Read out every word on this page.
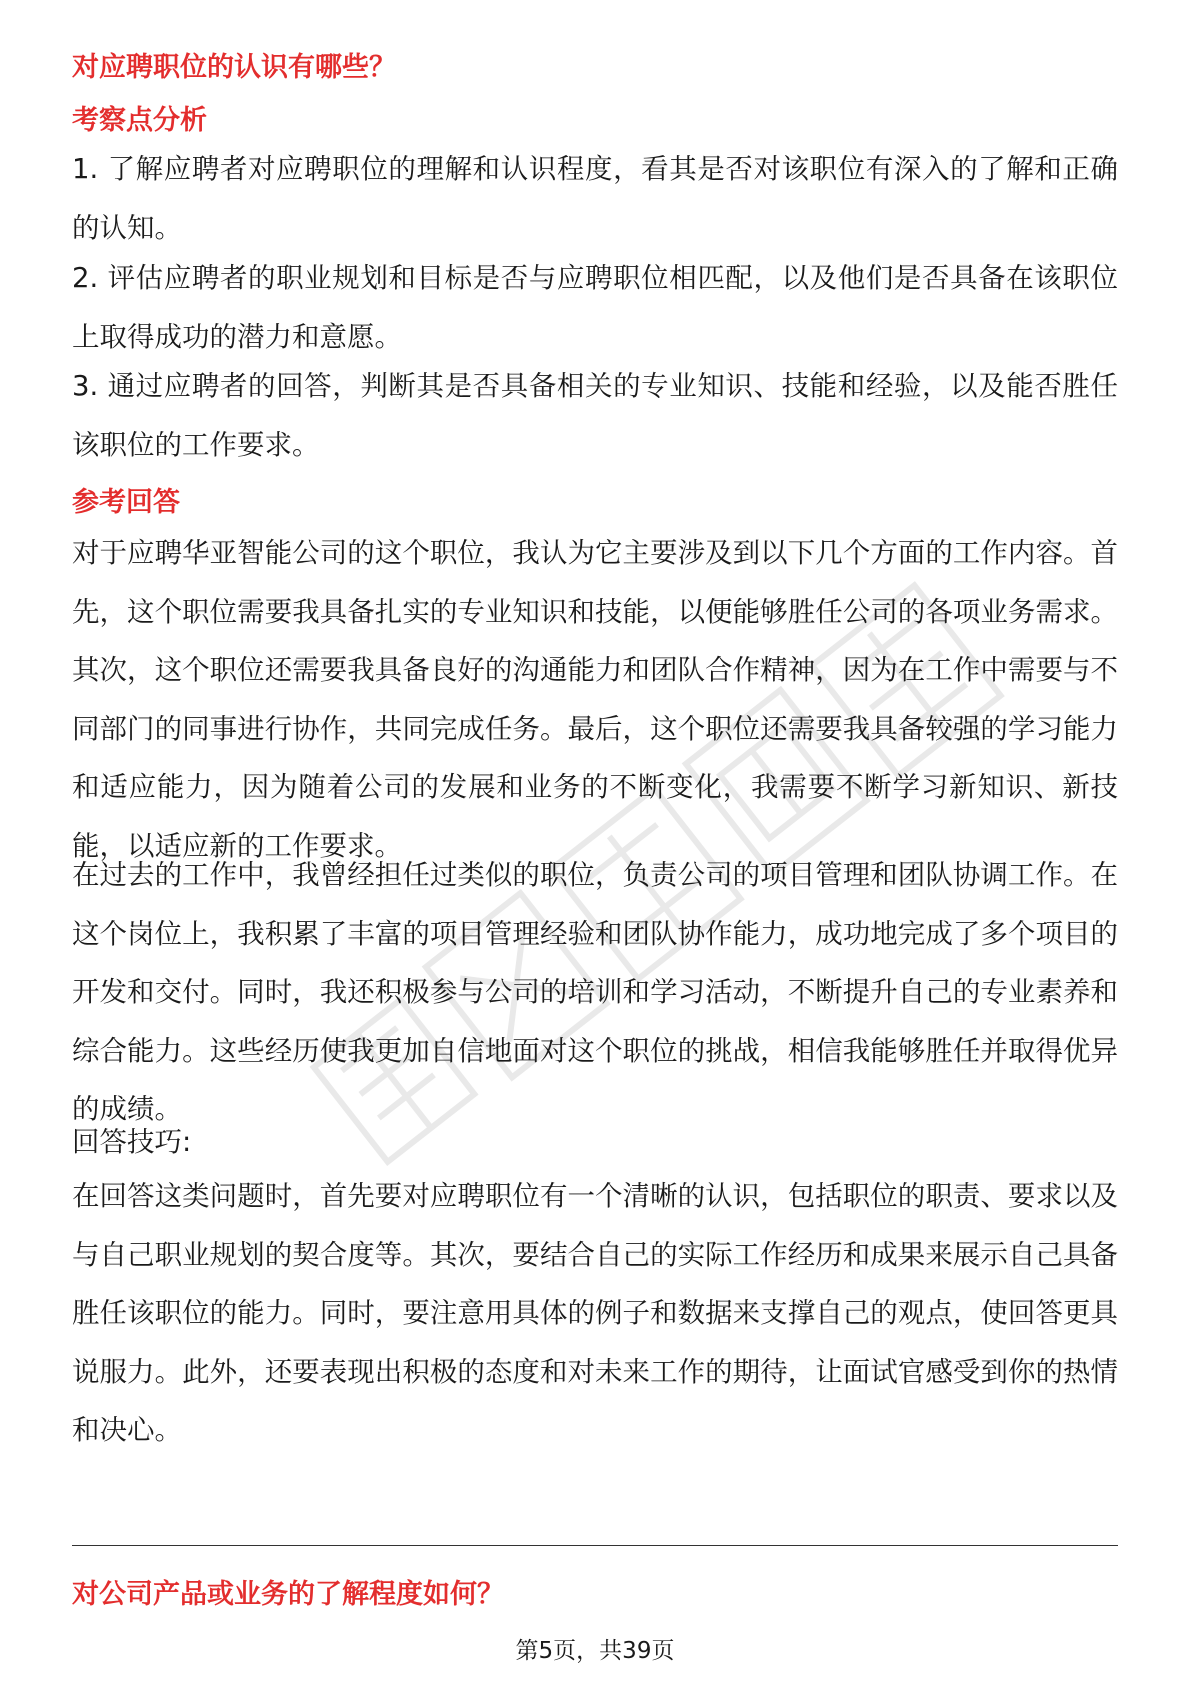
对应聘职位的认识有哪些？
考察点分析

1. 了解应聘者对应聘职位的理解和认识程度，看其是否对该职位有深入的了解和正确的认知。

2. 评估应聘者的职业规划和目标是否与应聘职位相匹配，以及他们是否具备在该职位上取得成功的潜力和意愿。

3. 通过应聘者的回答，判断其是否具备相关的专业知识、技能和经验，以及能否胜任该职位的工作要求。

参考回答

对于应聘华亚智能公司的这个职位，我认为它主要涉及到以下几个方面的工作内容。首先，这个职位需要我具备扎实的专业知识和技能，以便能够胜任公司的各项业务需求。其次，这个职位还需要我具备良好的沟通能力和团队合作精神，因为在工作中需要与不同部门的同事进行协作，共同完成任务。最后，这个职位还需要我具备较强的学习能力和适应能力，因为随着公司的发展和业务的不断变化，我需要不断学习新知识、新技能，以适应新的工作要求。

在过去的工作中，我曾经担任过类似的职位，负责公司的项目管理和团队协调工作。在这个岗位上，我积累了丰富的项目管理经验和团队协作能力，成功地完成了多个项目的开发和交付。同时，我还积极参与公司的培训和学习活动，不断提升自己的专业素养和综合能力。这些经历使我更加自信地面对这个职位的挑战，相信我能够胜任并取得优异的成绩。

回答技巧:

在回答这类问题时，首先要对应聘职位有一个清晰的认识，包括职位的职责、要求以及与自己职业规划的契合度等。其次，要结合自己的实际工作经历和成果来展示自己具备胜任该职位的能力。同时，要注意用具体的例子和数据来支撑自己的观点，使回答更具说服力。此外，还要表现出积极的态度和对未来工作的期待，让面试官感受到你的热情和决心。

对公司产品或业务的了解程度如何？
第5页，共39页
